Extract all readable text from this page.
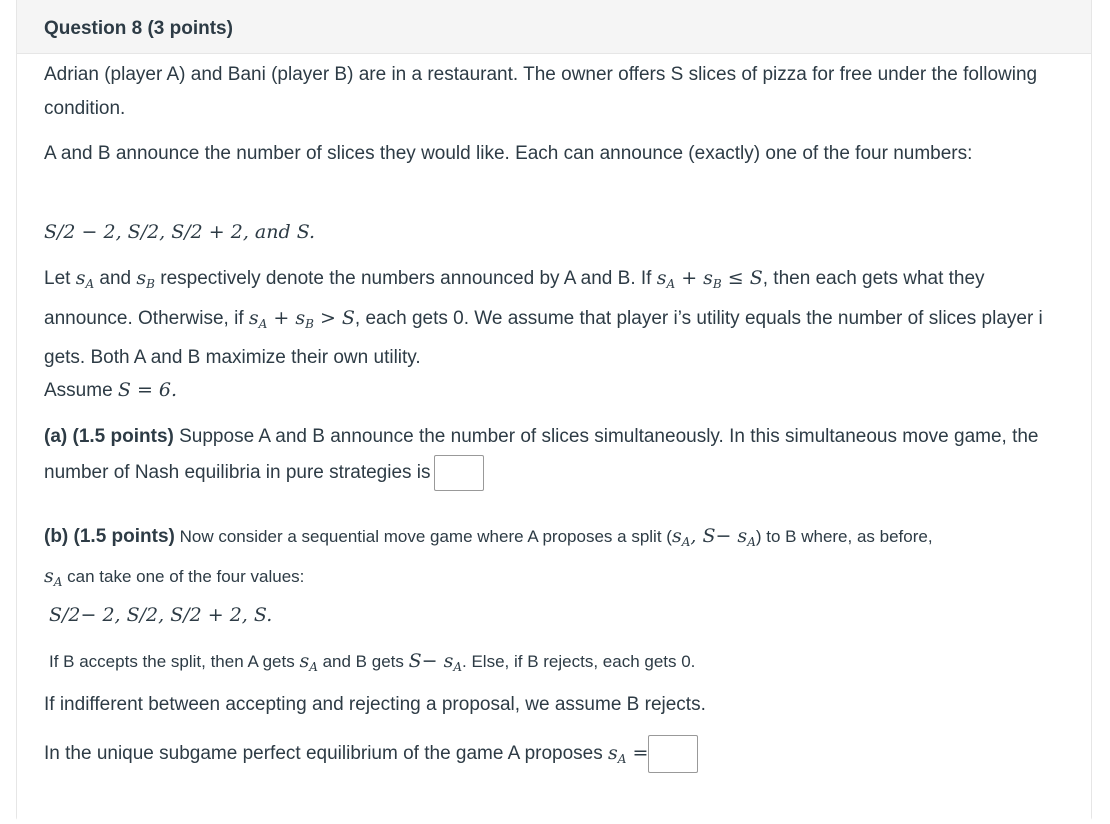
Question 8 (3 points)
Adrian (player A) and Bani (player B) are in a restaurant. The owner offers S slices of pizza for free under the following condition.
A and B announce the number of slices they would like. Each can announce (exactly) one of the four numbers:
S/2 − 2, S/2, S/2 + 2, and S.
Let $s_A$ and $s_B$ respectively denote the numbers announced by A and B. If $s_A + s_B \le S$, then each gets what they announce. Otherwise, if $s_A + s_B > S$, each gets 0. We assume that player i’s utility equals the number of slices player i gets. Both A and B maximize their own utility.
Assume S = 6.
(a) (1.5 points) Suppose A and B announce the number of slices simultaneously. In this simultaneous move game, the number of Nash equilibria in pure strategies is
(b) (1.5 points) Now consider a sequential move game where A proposes a split ($s_A$, $S- s_A$) to B where, as before,
$s_A$ can take one of the four values:
S/2− 2, S/2, S/2 + 2, S.
If B accepts the split, then A gets $s_A$ and B gets $S- s_A$. Else, if B rejects, each gets 0.
If indifferent between accepting and rejecting a proposal, we assume B rejects.
In the unique subgame perfect equilibrium of the game A proposes $s_A$ =
